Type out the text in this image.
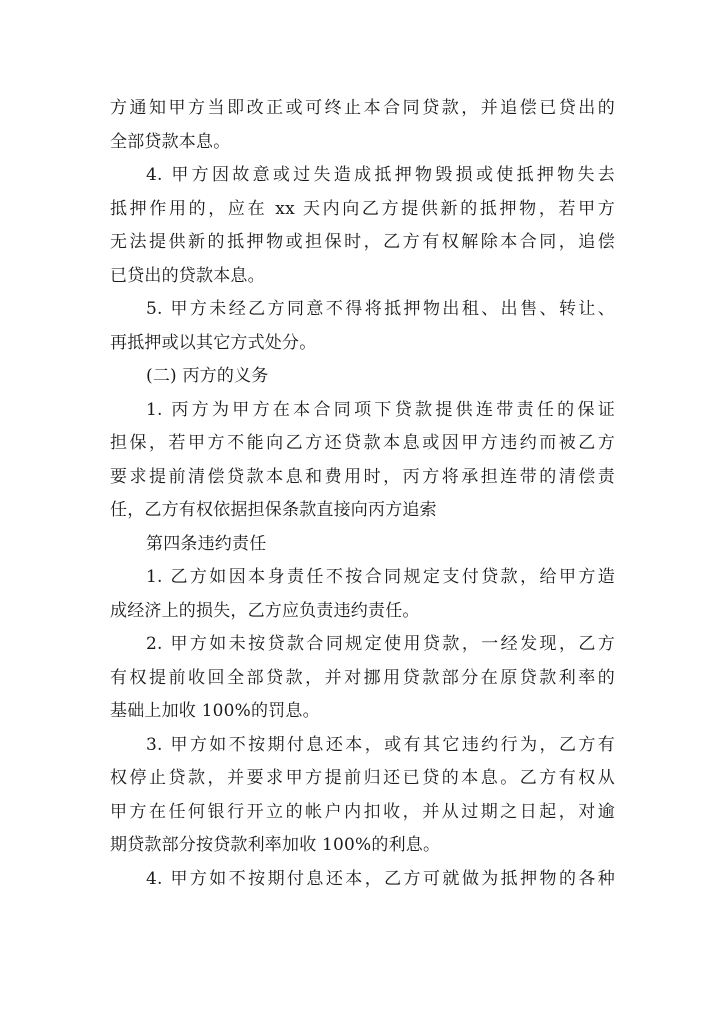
方通知甲方当即改正或可终止本合同贷款，并追偿已贷出的
全部贷款本息。
4. 甲方因故意或过失造成抵押物毁损或使抵押物失去
抵押作用的，应在 xx 天内向乙方提供新的抵押物，若甲方
无法提供新的抵押物或担保时，乙方有权解除本合同，追偿
已贷出的贷款本息。
5. 甲方未经乙方同意不得将抵押物出租、出售、转让、
再抵押或以其它方式处分。
(二) 丙方的义务
1. 丙方为甲方在本合同项下贷款提供连带责任的保证
担保，若甲方不能向乙方还贷款本息或因甲方违约而被乙方
要求提前清偿贷款本息和费用时，丙方将承担连带的清偿责
任，乙方有权依据担保条款直接向丙方追索
第四条违约责任
1. 乙方如因本身责任不按合同规定支付贷款，给甲方造
成经济上的损失，乙方应负责违约责任。
2. 甲方如未按贷款合同规定使用贷款，一经发现，乙方
有权提前收回全部贷款，并对挪用贷款部分在原贷款利率的
基础上加收 100%的罚息。
3. 甲方如不按期付息还本，或有其它违约行为，乙方有
权停止贷款，并要求甲方提前归还已贷的本息。乙方有权从
甲方在任何银行开立的帐户内扣收，并从过期之日起，对逾
期贷款部分按贷款利率加收 100%的利息。
4. 甲方如不按期付息还本，乙方可就做为抵押物的各种
